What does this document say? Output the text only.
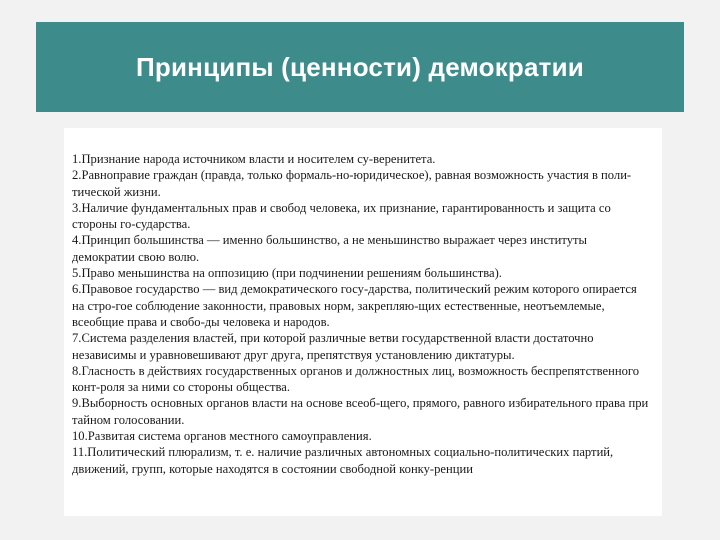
Принципы (ценности) демократии

1.Признание народа источником власти и носителем су-веренитета.

2.Равноправие граждан (правда, только формаль-но-юридическое), равная возможность участия в поли-тической жизни.

3.Наличие фундаментальных прав и свобод человека, их признание, гарантированность и защита со стороны го-сударства.

4.Принцип большинства — именно большинство, а не меньшинство выражает через институты демократии свою волю.

5.Право меньшинства на оппозицию (при подчинении решениям большинства).

6.Правовое государство — вид демократического госу-дарства, политический режим которого опирается на стро-гое соблюдение законности, правовых норм, закрепляю-щих естественные, неотъемлемые, всеобщие права и свобо-ды человека и народов.

7.Система разделения властей, при которой различные ветви государственной власти достаточно независимы и уравновешивают друг друга, препятствуя установлению диктатуры.

8.Гласность в действиях государственных органов и должностных лиц, возможность беспрепятственного конт-роля за ними со стороны общества.

9.Выборность основных органов власти на основе всеоб-щего, прямого, равного избирательного права при тайном голосовании.

10.Развитая система органов местного самоуправления.

11.Политический плюрализм, т. е. наличие различных автономных социально-политических партий, движений, групп, которые находятся в состоянии свободной конку-ренции
